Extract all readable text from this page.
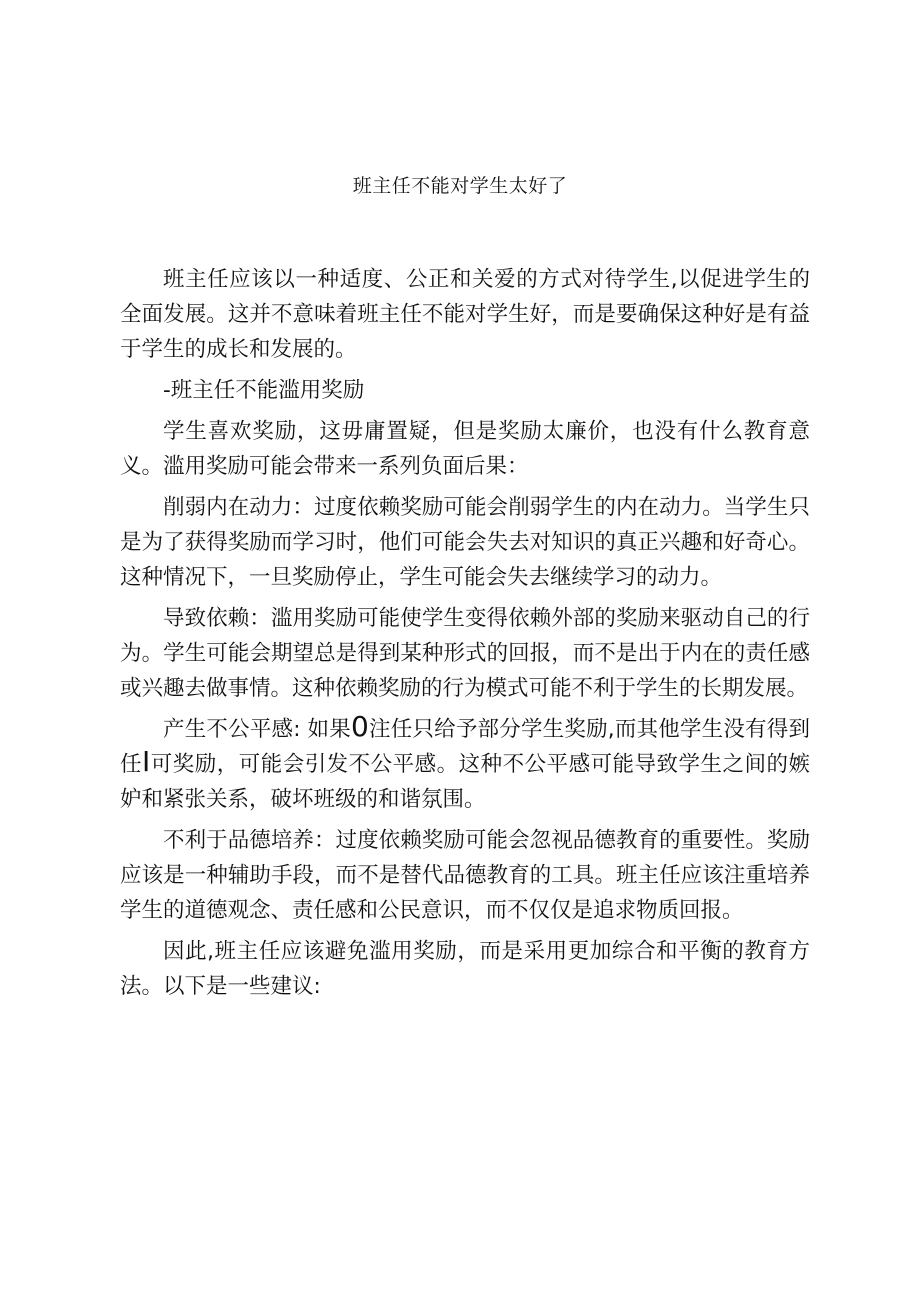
班主任不能对学生太好了

班主任应该以一种适度、公正和关爱的方式对待学生,以促进学生的全面发展。这并不意味着班主任不能对学生好，而是要确保这种好是有益于学生的成长和发展的。

-班主任不能滥用奖励

学生喜欢奖励，这毋庸置疑，但是奖励太廉价，也没有什么教育意义。滥用奖励可能会带来一系列负面后果：

削弱内在动力：过度依赖奖励可能会削弱学生的内在动力。当学生只是为了获得奖励而学习时，他们可能会失去对知识的真正兴趣和好奇心。这种情况下，一旦奖励停止，学生可能会失去继续学习的动力。

导致依赖：滥用奖励可能使学生变得依赖外部的奖励来驱动自己的行为。学生可能会期望总是得到某种形式的回报，而不是出于内在的责任感或兴趣去做事情。这种依赖奖励的行为模式可能不利于学生的长期发展。

产生不公平感: 如果0注任只给予部分学生奖励,而其他学生没有得到任I可奖励，可能会引发不公平感。这种不公平感可能导致学生之间的嫉妒和紧张关系，破坏班级的和谐氛围。

不利于品德培养：过度依赖奖励可能会忽视品德教育的重要性。奖励应该是一种辅助手段，而不是替代品德教育的工具。班主任应该注重培养学生的道德观念、责任感和公民意识，而不仅仅是追求物质回报。

因此,班主任应该避免滥用奖励，而是采用更加综合和平衡的教育方法。以下是一些建议:
